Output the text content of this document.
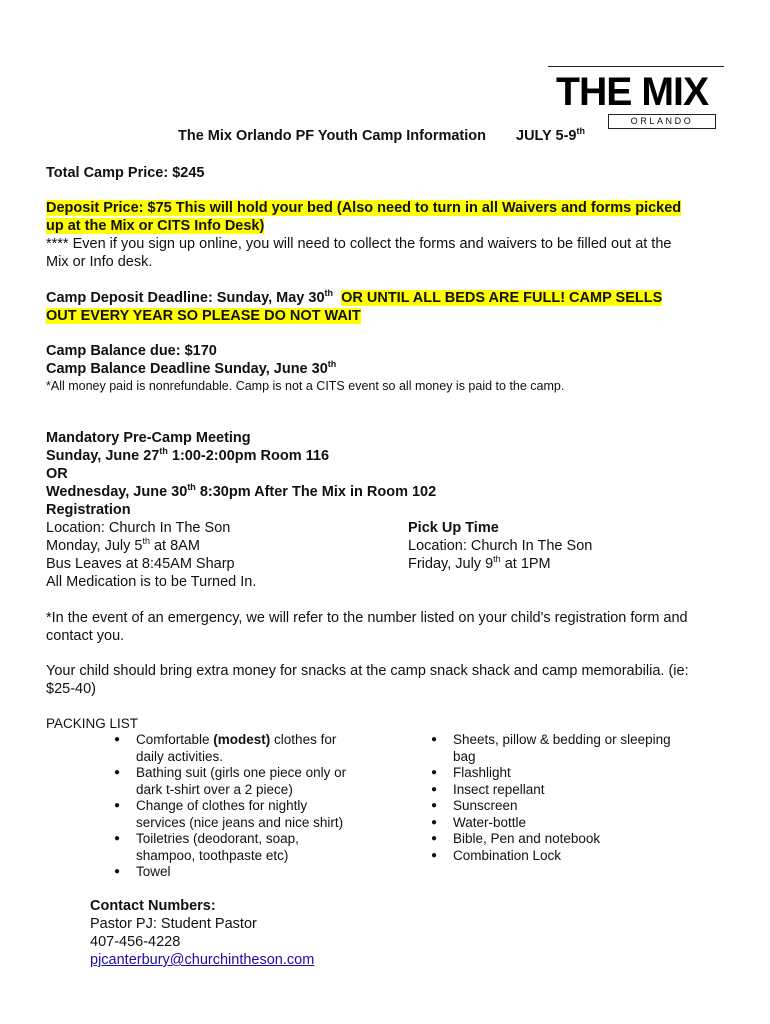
THE MIX
ORLANDO
The Mix Orlando PF Youth Camp Information JULY 5-9th
Total Camp Price: $245
Deposit Price: $75 This will hold your bed (Also need to turn in all Waivers and forms picked
up at the Mix or CITS Info Desk)
**** Even if you sign up online, you will need to collect the forms and waivers to be filled out at the
Mix or Info desk.
Camp Deposit Deadline: Sunday, May 30th OR UNTIL ALL BEDS ARE FULL! CAMP SELLS
OUT EVERY YEAR SO PLEASE DO NOT WAIT
Camp Balance due: $170
Camp Balance Deadline Sunday, June 30th
*All money paid is nonrefundable. Camp is not a CITS event so all money is paid to the camp.
Mandatory Pre-Camp Meeting
Sunday, June 27th 1:00-2:00pm Room 116
OR
Wednesday, June 30th 8:30pm After The Mix in Room 102
Registration
Location: Church In The Son
Monday, July 5th at 8AM
Bus Leaves at 8:45AM Sharp
All Medication is to be Turned In.
Pick Up Time
Location: Church In The Son
Friday, July 9th at 1PM
*In the event of an emergency, we will refer to the number listed on your child's registration form and
contact you.
Your child should bring extra money for snacks at the camp snack shack and camp memorabilia. (ie:
$25-40)
PACKING LIST
● Comfortable (modest) clothes for
daily activities.
● Bathing suit (girls one piece only or
dark t-shirt over a 2 piece)
● Change of clothes for nightly
services (nice jeans and nice shirt)
● Toiletries (deodorant, soap,
shampoo, toothpaste etc)
● Towel
● Sheets, pillow & bedding or sleeping
bag
● Flashlight
● Insect repellant
● Sunscreen
● Water-bottle
● Bible, Pen and notebook
● Combination Lock
Contact Numbers:
Pastor PJ: Student Pastor
407-456-4228
pjcanterbury@churchintheson.com
